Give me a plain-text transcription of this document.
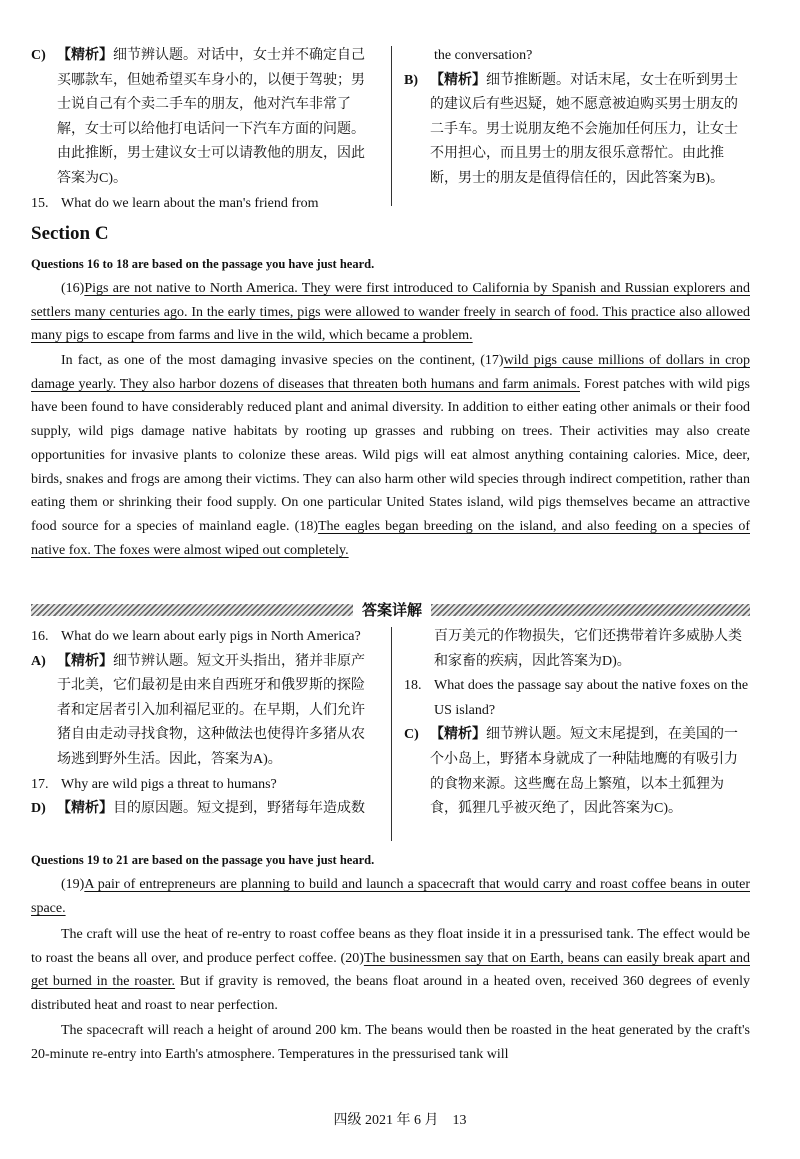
C) 【精析】细节辨认题。对话中，女士并不确定自己买哪款车，但她希望买车身小的，以便于驾驶；男士说自己有个卖二手车的朋友，他对汽车非常了解，女士可以给他打电话问一下汽车方面的问题。由此推断，男士建议女士可以请教他的朋友，因此答案为C)。
15. What do we learn about the man's friend from

the conversation?

B) 【精析】细节推断题。对话末尾，女士在听到男士的建议后有些迟疑，她不愿意被迫购买男士朋友的二手车。男士说朋友绝不会施加任何压力，让女士不用担心，而且男士的朋友很乐意帮忙。由此推断，男士的朋友是值得信任的，因此答案为B)。
Section C
Questions 16 to 18 are based on the passage you have just heard.

(16)Pigs are not native to North America. They were first introduced to California by Spanish and Russian explorers and settlers many centuries ago. In the early times, pigs were allowed to wander freely in search of food. This practice also allowed many pigs to escape from farms and live in the wild, which became a problem.

In fact, as one of the most damaging invasive species on the continent, (17)wild pigs cause millions of dollars in crop damage yearly. They also harbor dozens of diseases that threaten both humans and farm animals. Forest patches with wild pigs have been found to have considerably reduced plant and animal diversity. In addition to either eating other animals or their food supply, wild pigs damage native habitats by rooting up grasses and rubbing on trees. Their activities may also create opportunities for invasive plants to colonize these areas. Wild pigs will eat almost anything containing calories. Mice, deer, birds, snakes and frogs are among their victims. They can also harm other wild species through indirect competition, rather than eating them or shrinking their food supply. On one particular United States island, wild pigs themselves became an attractive food source for a species of mainland eagle. (18)The eagles began breeding on the island, and also feeding on a species of native fox. The foxes were almost wiped out completely.

答案详解
16. What do we learn about early pigs in North America?
A) 【精析】细节辨认题。短文开头指出，猪并非原产于北美，它们最初是由来自西班牙和俄罗斯的探险者和定居者引入加利福尼亚的。在早期，人们允许猪自由走动寻找食物，这种做法也使得许多猪从农场逃到野外生活。因此，答案为A)。
17. Why are wild pigs a threat to humans?
D) 【精析】目的原因题。短文提到，野猪每年造成数

百万美元的作物损失，它们还携带着许多威胁人类和家畜的疾病，因此答案为D)。

18. What does the passage say about the native foxes on the US island?
C) 【精析】细节辨认题。短文末尾提到，在美国的一个小岛上，野猪本身就成了一种陆地鹰的有吸引力的食物来源。这些鹰在岛上繁殖，以本土狐狸为食，狐狸几乎被灭绝了，因此答案为C)。
Questions 19 to 21 are based on the passage you have just heard.

(19)A pair of entrepreneurs are planning to build and launch a spacecraft that would carry and roast coffee beans in outer space.

The craft will use the heat of re-entry to roast coffee beans as they float inside it in a pressurised tank. The effect would be to roast the beans all over, and produce perfect coffee. (20)The businessmen say that on Earth, beans can easily break apart and get burned in the roaster. But if gravity is removed, the beans float around in a heated oven, received 360 degrees of evenly distributed heat and roast to near perfection.

The spacecraft will reach a height of around 200 km. The beans would then be roasted in the heat generated by the craft's 20-minute re-entry into Earth's atmosphere. Temperatures in the pressurised tank will

四级 2021 年 6 月　13
